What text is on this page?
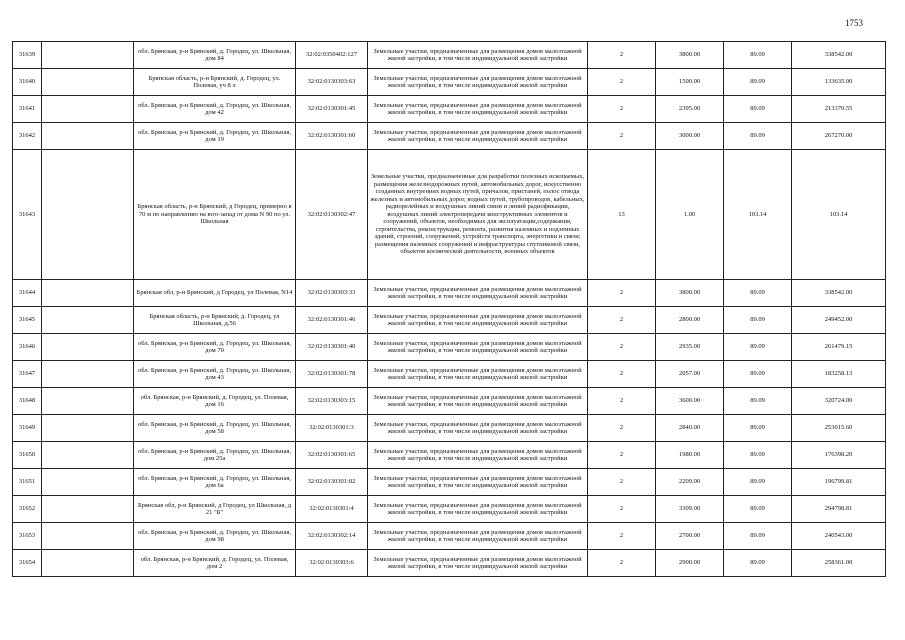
1753
31639		обл. Брянская, р-н Брянский, д. Городец, ул. Школьная, дом 84	32:02:0350402:127	Земельные участки, предназначенные для размещения домов малоэтажной жилой застройки, в том числе индивидуальной жилой застройки	2	3800.00	89.09	338542.00
31640		Брянская область, р-н Брянский, д. Городец, ул. Полевая, уч 8 л	32:02:0130303:63	Земельные участки, предназначенные для размещения домов малоэтажной жилой застройки, в том числе индивидуальной жилой застройки	2	1500.00	89.09	133635.00
31641		обл. Брянская, р-н Брянский, д. Городец, ул. Школьная, дом 42	32:02:0130301:45	Земельные участки, предназначенные для размещения домов малоэтажной жилой застройки, в том числе индивидуальной жилой застройки	2	2395.00	89.09	213370.55
31642		обл. Брянская, р-н Брянский, д. Городец, ул. Школьная, дом 19	32:02:0130301:60	Земельные участки, предназначенные для размещения домов малоэтажной жилой застройки, в том числе индивидуальной жилой застройки	2	3000.00	89.09	267270.00
31643		Брянская область, р-н Брянский, д Городец, примерно в 70 м по направлению на юго-запад от дома N 90 по ул. Школьная	32:02:0130302:47	Земельные участки, предназначенные для разработки полезных ископаемых, размещения железнодорожных путей, автомобильных дорог, искусственно созданных внутренних водных путей, причалов, пристаней, полос отвода железных и автомобильных дорог, водных путей, трубопроводов, кабельных, радиорелейных и воздушных линий связи и линий радиофикации, воздушных линий электропередачи конструктивных элементов и сооружений, объектов, необходимых для эксплуатации,содержания, строительства, реконструкции, ремонта, развития наземных и подземных зданий, строений, сооружений, устройств транспорта, энергетики и связи; размещения наземных сооружений и инфраструктуры спутниковой связи, объектов космической деятельности, военных объектов	13	1.00	103.14	103.14
31644		Брянская обл, р-н Брянский, д Городец, ул Полевая, N14	32:02:0130303:33	Земельные участки, предназначенные для размещения домов малоэтажной жилой застройки, в том числе индивидуальной жилой застройки	2	3800.00	89.09	338542.00
31645		Брянская область, р-н Брянский, д. Городец, ул Школьная, д.56	32:02:0130301:46	Земельные участки, предназначенные для размещения домов малоэтажной жилой застройки, в том числе индивидуальной жилой застройки	2	2800.00	89.09	249452.00
31646		обл. Брянская, р-н Брянский, д. Городец, ул. Школьная, дом 70	32:02:0130301:40	Земельные участки, предназначенные для размещения домов малоэтажной жилой застройки, в том числе индивидуальной жилой застройки	2	2935.00	89.09	261479.15
31647		обл. Брянская, р-н Брянский, д. Городец, ул. Школьная, дом 43	32:02:0130301:78	Земельные участки, предназначенные для размещения домов малоэтажной жилой застройки, в том числе индивидуальной жилой застройки	2	2057.00	89.09	183258.13
31648		обл. Брянская, р-н Брянский, д. Городец, ул. Полевая, дом 16	32:02:0130303:15	Земельные участки, предназначенные для размещения домов малоэтажной жилой застройки, в том числе индивидуальной жилой застройки	2	3600.00	89.09	320724.00
31649		обл. Брянская, р-н Брянский, д. Городец, ул. Школьная, дом 58	32:02:0130301:3	Земельные участки, предназначенные для размещения домов малоэтажной жилой застройки, в том числе индивидуальной жилой застройки	2	2840.00	89.09	253015.60
31650		обл. Брянская, р-н Брянский, д. Городец, ул. Школьная, дом 25а	32:02:0130301:65	Земельные участки, предназначенные для размещения домов малоэтажной жилой застройки, в том числе индивидуальной жилой застройки	2	1980.00	89.09	176398.20
31651		обл. Брянская, р-н Брянский, д. Городец, ул. Школьная, дом 6а	32:02:0130301:82	Земельные участки, предназначенные для размещения домов малоэтажной жилой застройки, в том числе индивидуальной жилой застройки	2	2209.00	89.09	196799.81
31652		Брянская обл, р-н Брянский, д Городец, ул Школьная, д 21 "Б"	32:02:0130301:4	Земельные участки, предназначенные для размещения домов малоэтажной жилой застройки, в том числе индивидуальной жилой застройки	2	3309.00	89.09	294798.81
31653		обл. Брянская, р-н Брянский, д. Городец, ул. Школьная, дом 98	32:02:0130302:14	Земельные участки, предназначенные для размещения домов малоэтажной жилой застройки, в том числе индивидуальной жилой застройки	2	2700.00	89.09	240543.00
31654		обл. Брянская, р-н Брянский, д. Городец, ул. Полевая, дом 2	32:02:0130303:6	Земельные участки, предназначенные для размещения домов малоэтажной жилой застройки, в том числе индивидуальной жилой застройки	2	2900.00	89.09	258361.00
